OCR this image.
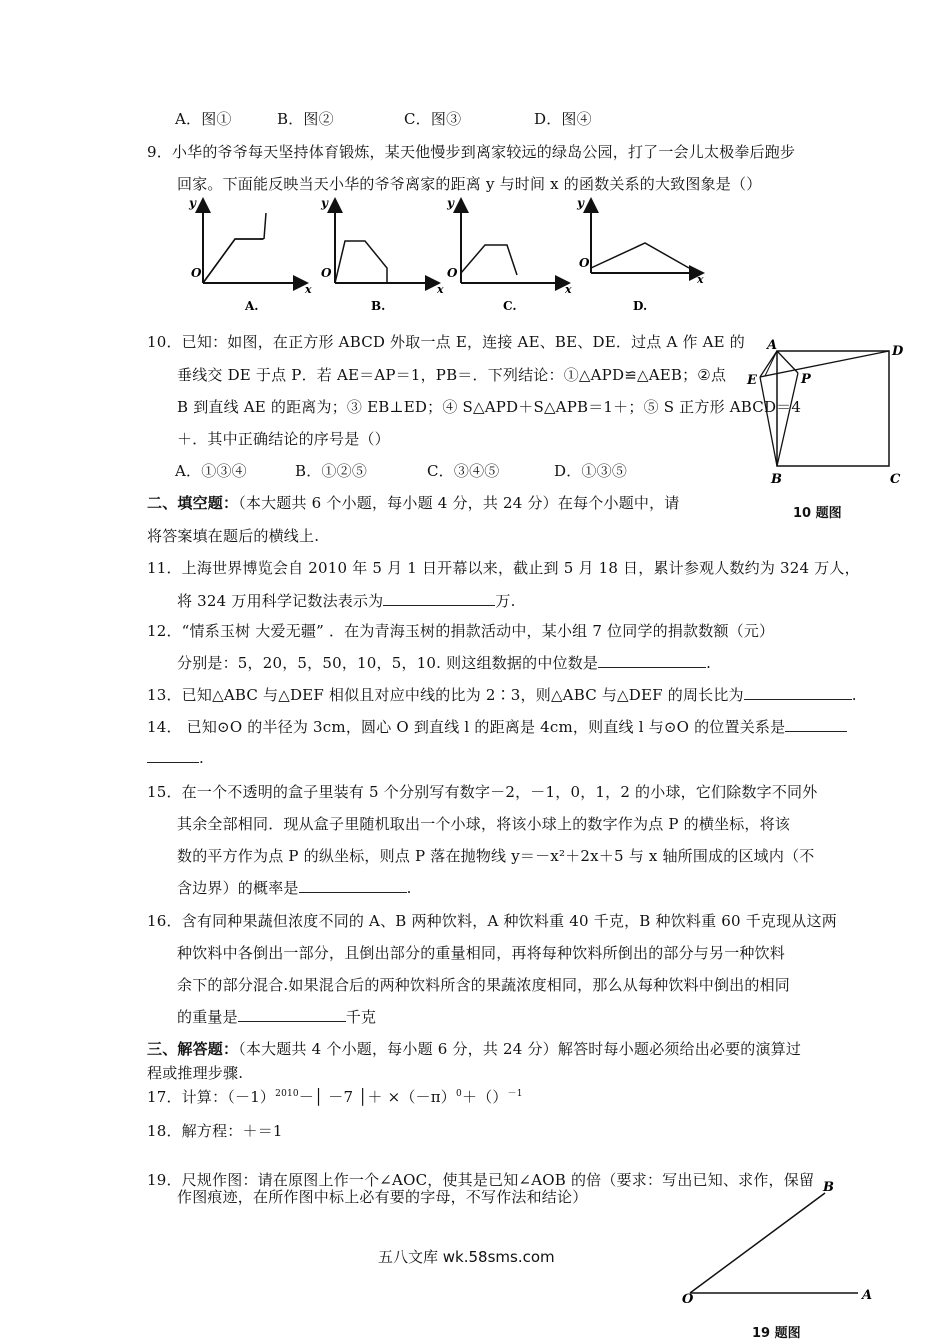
A．图①	B．图②	C．图③	D．图④
9．小华的爷爷每天坚持体育锻炼，某天他慢步到离家较远的绿岛公园，打了一会儿太极拳后跑步
回家。下面能反映当天小华的爷爷离家的距离 y 与时间 x 的函数关系的大致图象是（）
y
O
x
A.
y
O
x
B.
y
O
x
C.
y
O
x
D.
10．已知：如图，在正方形 ABCD 外取一点 E，连接 AE、BE、DE．过点 A 作 AE 的
垂线交 DE 于点 P．若 AE＝AP＝1，PB＝．下列结论：①△APD≌△AEB；②点
B 到直线 AE 的距离为；③ EB⊥ED；④ S△APD＋S△APB＝1＋；⑤ S 正方形 ABCD＝4
＋．其中正确结论的序号是（）
A．①③④	B．①②⑤	C．③④⑤	D．①③⑤
A	D
E	P
B	C
10 题图
二、填空题：（本大题共 6 个小题，每小题 4 分，共 24 分）在每个小题中，请
将答案填在题后的横线上.
11．上海世界博览会自 2010 年 5 月 1 日开幕以来，截止到 5 月 18 日，累计参观人数约为 324 万人，
将 324 万用科学记数法表示为	万.
12．“情系玉树 大爱无疆” ．在为青海玉树的捐款活动中，某小组 7 位同学的捐款数额（元）
分别是：5，20，5，50，10，5，10. 则这组数据的中位数是	.
13．已知△ABC 与△DEF 相似且对应中线的比为 2∶3，则△ABC 与△DEF 的周长比为	.
14． 已知⊙O 的半径为 3cm，圆心 O 到直线 l 的距离是 4cm，则直线 l 与⊙O 的位置关系是
.
15．在一个不透明的盒子里装有 5 个分别写有数字－2，－1，0，1，2 的小球，它们除数字不同外
其余全部相同．现从盒子里随机取出一个小球，将该小球上的数字作为点 P 的横坐标，将该
数的平方作为点 P 的纵坐标，则点 P 落在抛物线 y＝－x²＋2x＋5 与 x 轴所围成的区域内（不
含边界）的概率是	.
16．含有同种果蔬但浓度不同的 A、B 两种饮料，A 种饮料重 40 千克，B 种饮料重 60 千克现从这两
种饮料中各倒出一部分，且倒出部分的重量相同，再将每种饮料所倒出的部分与另一种饮料
余下的部分混合.如果混合后的两种饮料所含的果蔬浓度相同，那么从每种饮料中倒出的相同
的重量是	千克
三、解答题：（本大题共 4 个小题，每小题 6 分，共 24 分）解答时每小题必须给出必要的演算过
程或推理步骤.
17．计算：$(-1)^{2010}-│ -7$ │＋ $\times(-\pi)^0+()^{-1}$
18．解方程：＋＝1
19．尺规作图：请在原图上作一个∠AOC，使其是已知∠AOB 的倍（要求：写出已知、求作，保留
作图痕迹，在所作图中标上必有要的字母，不写作法和结论）
B
O	A
19 题图
五八文库 wk.58sms.com
